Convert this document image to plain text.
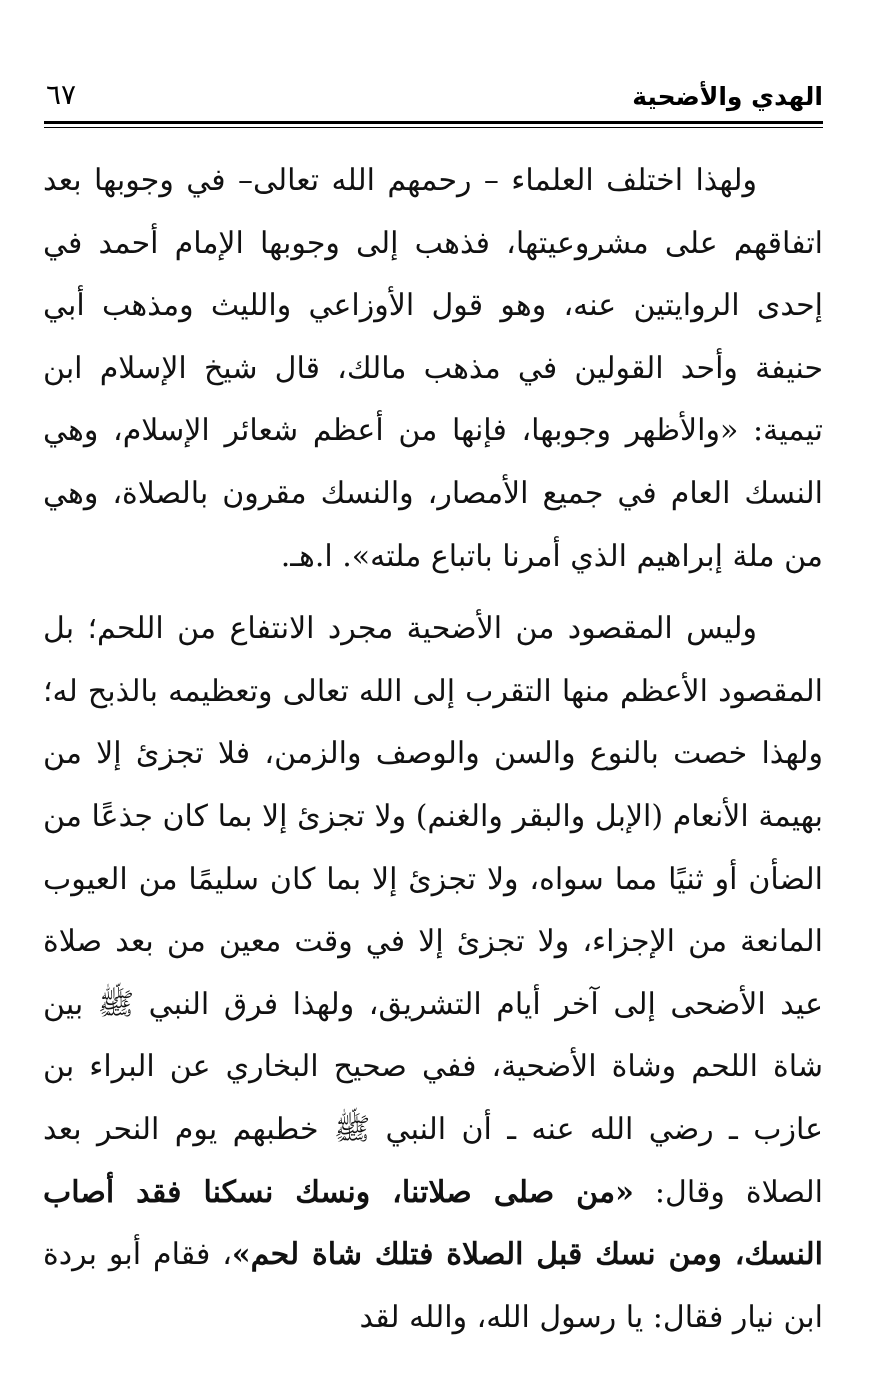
الهدي والأضحية
٦٧

ولهذا اختلف العلماء – رحمهم الله تعالى– في وجوبها بعد اتفاقهم على مشروعيتها، فذهب إلى وجوبها الإمام أحمد في إحدى الروايتين عنه، وهو قول الأوزاعي والليث ومذهب أبي حنيفة وأحد القولين في مذهب مالك، قال شيخ الإسلام ابن تيمية: «والأظهر وجوبها، فإنها من أعظم شعائر الإسلام، وهي النسك العام في جميع الأمصار، والنسك مقرون بالصلاة، وهي من ملة إبراهيم الذي أمرنا باتباع ملته». ا.هـ.

وليس المقصود من الأضحية مجرد الانتفاع من اللحم؛ بل المقصود الأعظم منها التقرب إلى الله تعالى وتعظيمه بالذبح له؛ ولهذا خصت بالنوع والسن والوصف والزمن، فلا تجزئ إلا من بهيمة الأنعام (الإبل والبقر والغنم) ولا تجزئ إلا بما كان جذعًا من الضأن أو ثنيًا مما سواه، ولا تجزئ إلا بما كان سليمًا من العيوب المانعة من الإجزاء، ولا تجزئ إلا في وقت معين من بعد صلاة عيد الأضحى إلى آخر أيام التشريق، ولهذا فرق النبي ﷺ بين شاة اللحم وشاة الأضحية، ففي صحيح البخاري عن البراء بن عازب ـ رضي الله عنه ـ أن النبي ﷺ خطبهم يوم النحر بعد الصلاة وقال: «من صلى صلاتنا، ونسك نسكنا فقد أصاب النسك، ومن نسك قبل الصلاة فتلك شاة لحم»، فقام أبو بردة ابن نيار فقال: يا رسول الله، والله لقد
